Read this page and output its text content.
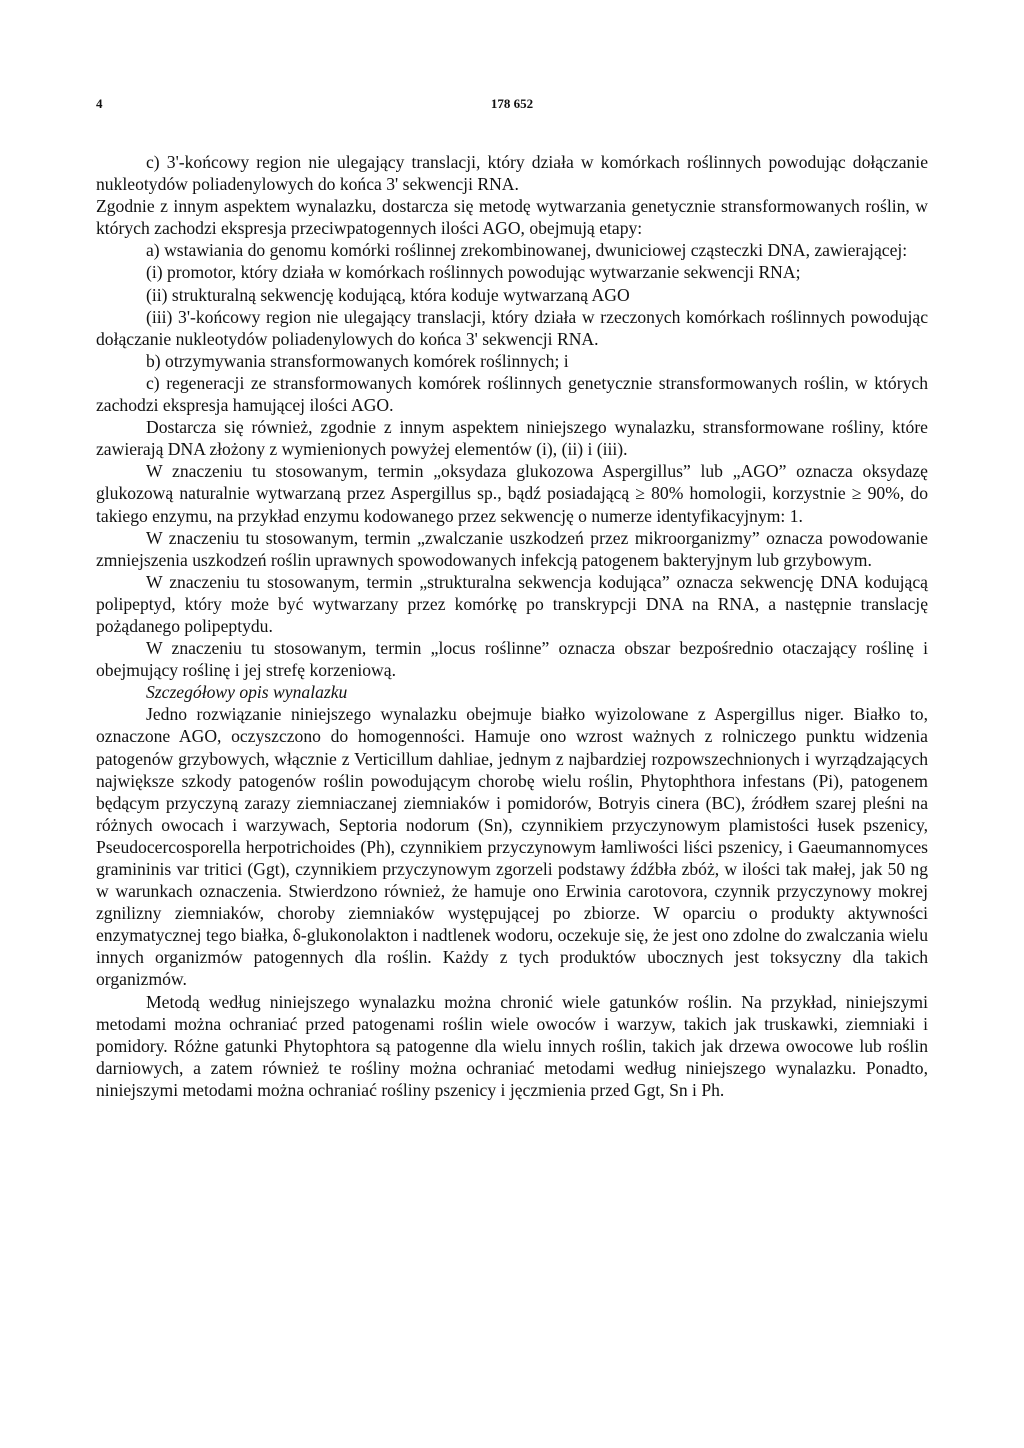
4	178 652

c) 3'-końcowy region nie ulegający translacji, który działa w komórkach roślinnych powodując dołączanie nukleotydów poliadenylowych do końca 3' sekwencji RNA.

Zgodnie z innym aspektem wynalazku, dostarcza się metodę wytwarzania genetycznie stransformowanych roślin, w których zachodzi ekspresja przeciwpatogennych ilości AGO, obejmują etapy:

a) wstawiania do genomu komórki roślinnej zrekombinowanej, dwuniciowej cząsteczki DNA, zawierającej:

(i) promotor, który działa w komórkach roślinnych powodując wytwarzanie sekwencji RNA;

(ii) strukturalną sekwencję kodującą, która koduje wytwarzaną AGO

(iii) 3'-końcowy region nie ulegający translacji, który działa w rzeczonych komórkach roślinnych powodując dołączanie nukleotydów poliadenylowych do końca 3' sekwencji RNA.

b) otrzymywania stransformowanych komórek roślinnych; i

c) regeneracji ze stransformowanych komórek roślinnych genetycznie stransformowanych roślin, w których zachodzi ekspresja hamującej ilości AGO.

Dostarcza się również, zgodnie z innym aspektem niniejszego wynalazku, stransformowane rośliny, które zawierają DNA złożony z wymienionych powyżej elementów (i), (ii) i (iii).

W znaczeniu tu stosowanym, termin „oksydaza glukozowa Aspergillus” lub „AGO” oznacza oksydazę glukozową naturalnie wytwarzaną przez Aspergillus sp., bądź posiadającą ≥ 80% homologii, korzystnie ≥ 90%, do takiego enzymu, na przykład enzymu kodowanego przez sekwencję o numerze identyfikacyjnym: 1.

W znaczeniu tu stosowanym, termin „zwalczanie uszkodzeń przez mikroorganizmy” oznacza powodowanie zmniejszenia uszkodzeń roślin uprawnych spowodowanych infekcją patogenem bakteryjnym lub grzybowym.

W znaczeniu tu stosowanym, termin „strukturalna sekwencja kodująca” oznacza sekwencję DNA kodującą polipeptyd, który może być wytwarzany przez komórkę po transkrypcji DNA na RNA, a następnie translację pożądanego polipeptydu.

W znaczeniu tu stosowanym, termin „locus roślinne” oznacza obszar bezpośrednio otaczający roślinę i obejmujący roślinę i jej strefę korzeniową.

Szczegółowy opis wynalazku

Jedno rozwiązanie niniejszego wynalazku obejmuje białko wyizolowane z Aspergillus niger. Białko to, oznaczone AGO, oczyszczono do homogenności. Hamuje ono wzrost ważnych z rolniczego punktu widzenia patogenów grzybowych, włącznie z Verticillum dahliae, jednym z najbardziej rozpowszechnionych i wyrządzających największe szkody patogenów roślin powodującym chorobę wielu roślin, Phytophthora infestans (Pi), patogenem będącym przyczyną zarazy ziemniaczanej ziemniaków i pomidorów, Botryis cinera (BC), źródłem szarej pleśni na różnych owocach i warzywach, Septoria nodorum (Sn), czynnikiem przyczynowym plamistości łusek pszenicy, Pseudocercosporella herpotrichoides (Ph), czynnikiem przyczynowym łamliwości liści pszenicy, i Gaeumannomyces gramininis var tritici (Ggt), czynnikiem przyczynowym zgorzeli podstawy źdźbła zbóż, w ilości tak małej, jak 50 ng w warunkach oznaczenia. Stwierdzono również, że hamuje ono Erwinia carotovora, czynnik przyczynowy mokrej zgnilizny ziemniaków, choroby ziemniaków występującej po zbiorze. W oparciu o produkty aktywności enzymatycznej tego białka, δ-glukonolakton i nadtlenek wodoru, oczekuje się, że jest ono zdolne do zwalczania wielu innych organizmów patogennych dla roślin. Każdy z tych produktów ubocznych jest toksyczny dla takich organizmów.

Metodą według niniejszego wynalazku można chronić wiele gatunków roślin. Na przykład, niniejszymi metodami można ochraniać przed patogenami roślin wiele owoców i warzyw, takich jak truskawki, ziemniaki i pomidory. Różne gatunki Phytophtora są patogenne dla wielu innych roślin, takich jak drzewa owocowe lub roślin darniowych, a zatem również te rośliny można ochraniać metodami według niniejszego wynalazku. Ponadto, niniejszymi metodami można ochraniać rośliny pszenicy i jęczmienia przed Ggt, Sn i Ph.
